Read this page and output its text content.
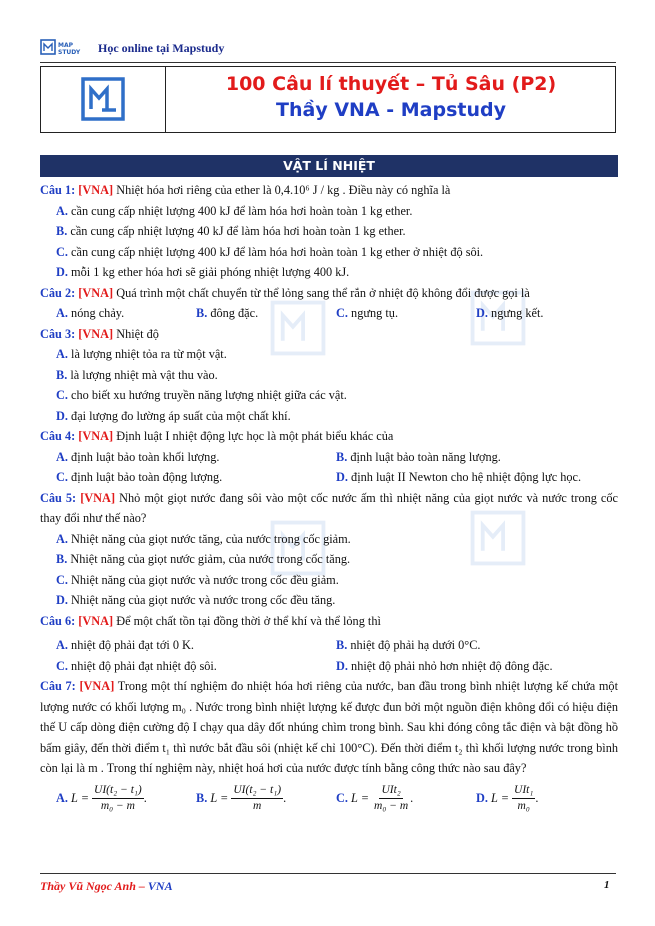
MAP
STUDY Học online tại Mapstudy
100 Câu lí thuyết – Tủ Sâu (P2)
Thầy VNA - Mapstudy
VẬT LÍ NHIỆT
Câu 1: [VNA] Nhiệt hóa hơi riêng của ether là 0,4.10⁶ J / kg . Điều này có nghĩa là
A. cần cung cấp nhiệt lượng 400 kJ để làm hóa hơi hoàn toàn 1 kg ether.
B. cần cung cấp nhiệt lượng 40 kJ để làm hóa hơi hoàn toàn 1 kg ether.
C. cần cung cấp nhiệt lượng 400 kJ để làm hóa hơi hoàn toàn 1 kg ether ở nhiệt độ sôi.
D. mỗi 1 kg ether hóa hơi sẽ giải phóng nhiệt lượng 400 kJ.
Câu 2: [VNA] Quá trình một chất chuyển từ thể lỏng sang thể rắn ở nhiệt độ không đổi được gọi là
A. nóng chảy.	B. đông đặc.	C. ngưng tụ.	D. ngưng kết.
Câu 3: [VNA] Nhiệt độ
A. là lượng nhiệt tỏa ra từ một vật.
B. là lượng nhiệt mà vật thu vào.
C. cho biết xu hướng truyền năng lượng nhiệt giữa các vật.
D. đại lượng đo lường áp suất của một chất khí.
Câu 4: [VNA] Định luật I nhiệt động lực học là một phát biểu khác của
A. định luật bảo toàn khối lượng.	B. định luật bảo toàn năng lượng.
C. định luật bảo toàn động lượng.	D. định luật II Newton cho hệ nhiệt động lực học.
Câu 5: [VNA] Nhỏ một giọt nước đang sôi vào một cốc nước ấm thì nhiệt năng của giọt nước và nước trong cốc thay đổi như thế nào?
A. Nhiệt năng của giọt nước tăng, của nước trong cốc giảm.
B. Nhiệt năng của giọt nước giảm, của nước trong cốc tăng.
C. Nhiệt năng của giọt nước và nước trong cốc đều giảm.
D. Nhiệt năng của giọt nước và nước trong cốc đều tăng.
Câu 6: [VNA] Để một chất tồn tại đồng thời ở thể khí và thể lỏng thì
A. nhiệt độ phải đạt tới 0 K.	B. nhiệt độ phải hạ dưới 0°C.
C. nhiệt độ phải đạt nhiệt độ sôi.	D. nhiệt độ phải nhỏ hơn nhiệt độ đông đặc.
Câu 7: [VNA] Trong một thí nghiệm đo nhiệt hóa hơi riêng của nước, ban đầu trong bình nhiệt lượng kế chứa một lượng nước có khối lượng m₀ . Nước trong bình nhiệt lượng kế được đun bởi một nguồn điện không đổi có hiệu điện thế U cấp dòng điện cường độ I chạy qua dây đốt nhúng chìm trong bình. Sau khi đóng công tắc điện và bật đồng hồ bấm giây, đến thời điểm t₁ thì nước bắt đầu sôi (nhiệt kế chỉ 100°C). Đến thời điểm t₂ thì khối lượng nước trong bình còn lại là m . Trong thí nghiệm này, nhiệt hoá hơi của nước được tính bằng công thức nào sau đây?
A.
$L = \frac{\text{UI(t₂ − t₁)}}{\text{m₀ − m}}$ .	B.
$L = \frac{\text{UI(t₂ − t₁)}}{m}$ .	C.
$L = \frac{\text{UIt₂}}{\text{m₀ − m}}$ .	D.
$L = \frac{\text{UIt₁}}{\text{m₀}}$ .
Thầy Vũ Ngọc Anh – VNA	1
